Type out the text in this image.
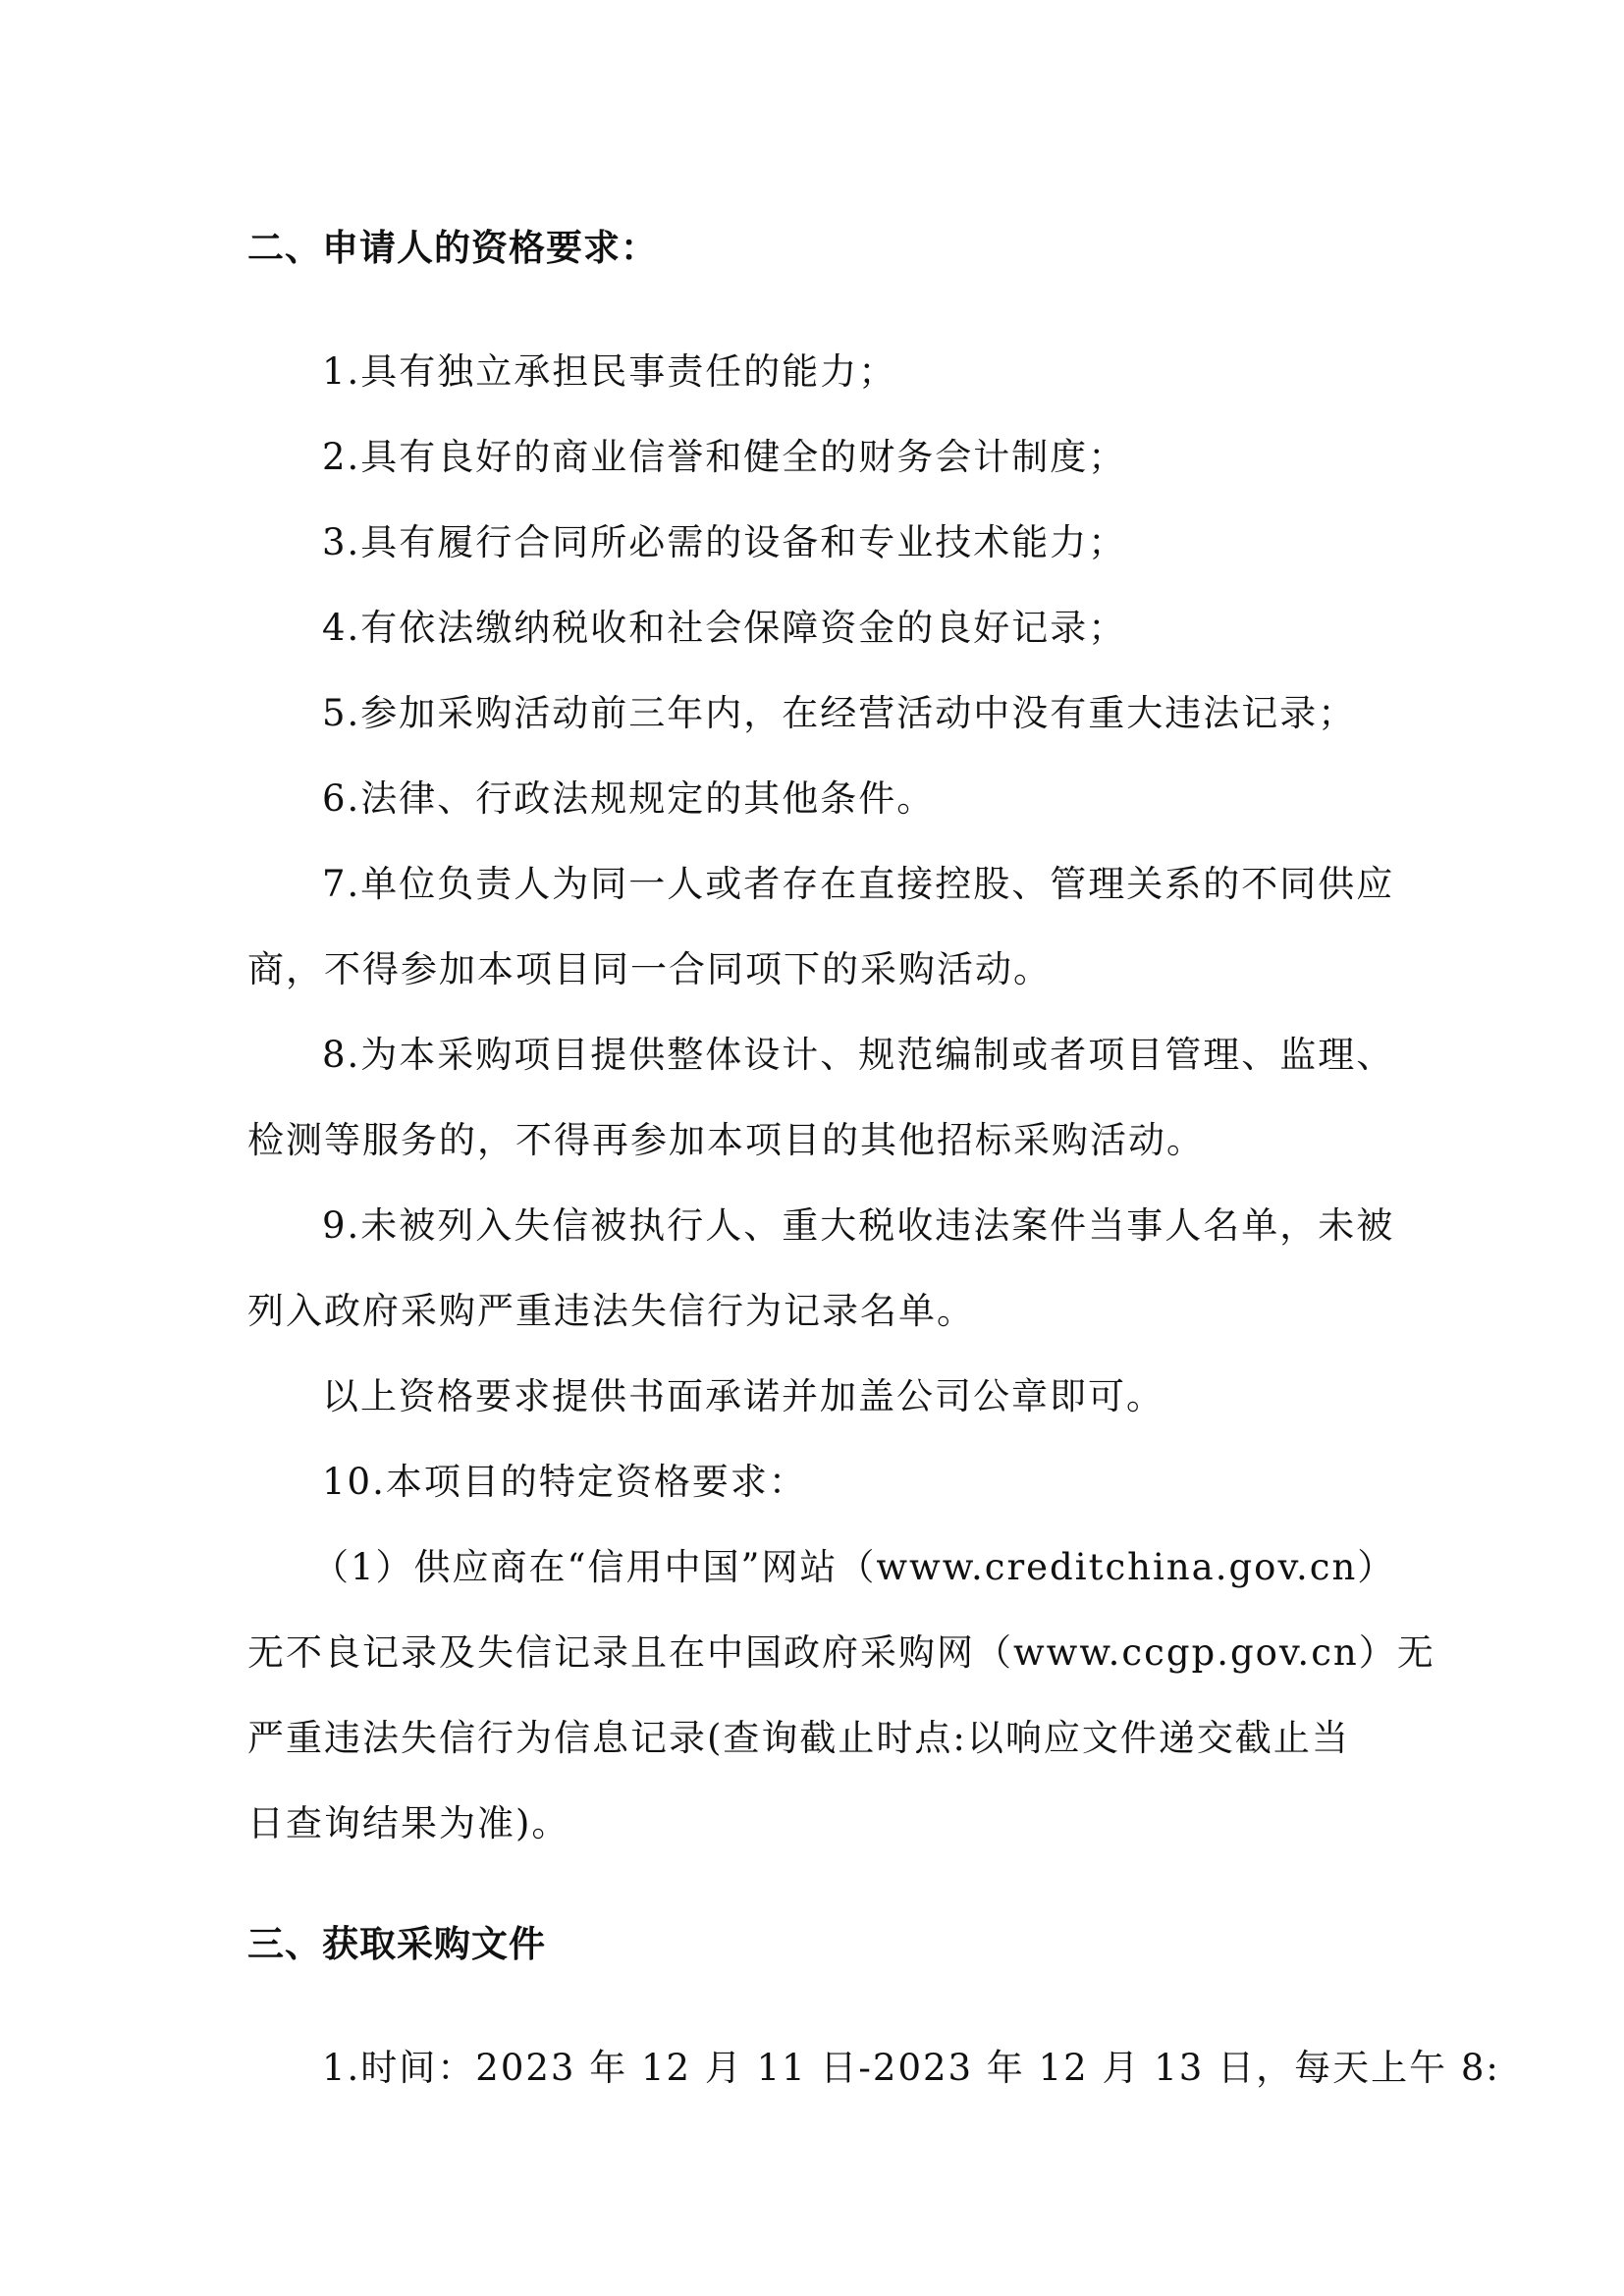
二、申请人的资格要求：

1.具有独立承担民事责任的能力；

2.具有良好的商业信誉和健全的财务会计制度；

3.具有履行合同所必需的设备和专业技术能力；

4.有依法缴纳税收和社会保障资金的良好记录；

5.参加采购活动前三年内，在经营活动中没有重大违法记录；

6.法律、行政法规规定的其他条件。

7.单位负责人为同一人或者存在直接控股、管理关系的不同供应

商，不得参加本项目同一合同项下的采购活动。

8.为本采购项目提供整体设计、规范编制或者项目管理、监理、

检测等服务的，不得再参加本项目的其他招标采购活动。

9.未被列入失信被执行人、重大税收违法案件当事人名单，未被

列入政府采购严重违法失信行为记录名单。

以上资格要求提供书面承诺并加盖公司公章即可。

10.本项目的特定资格要求：

（1）供应商在“信用中国”网站（www.creditchina.gov.cn）

无不良记录及失信记录且在中国政府采购网（www.ccgp.gov.cn）无

严重违法失信行为信息记录(查询截止时点:以响应文件递交截止当

日查询结果为准)。

三、获取采购文件

1.时间：2023 年 12 月 11 日-2023 年 12 月 13 日，每天上午 8:
